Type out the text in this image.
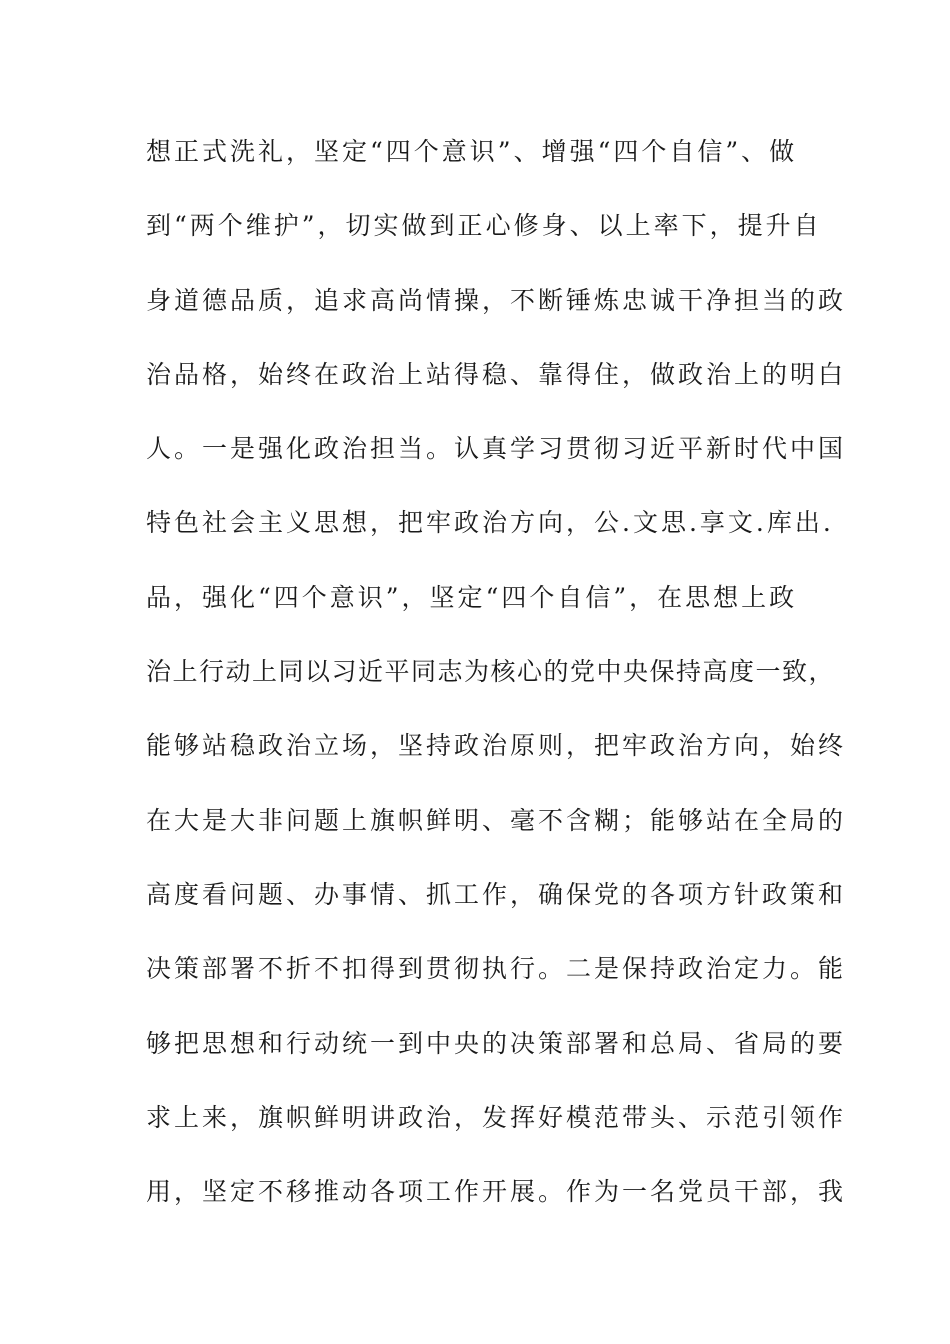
想正式洗礼，坚定“四个意识”、增强“四个自信”、做
到“两个维护”，切实做到正心修身、以上率下，提升自
身道德品质，追求高尚情操，不断锤炼忠诚干净担当的政
治品格，始终在政治上站得稳、靠得住，做政治上的明白
人。一是强化政治担当。认真学习贯彻习近平新时代中国
特色社会主义思想，把牢政治方向，公.文思.享文.库出.
品，强化“四个意识”，坚定“四个自信”，在思想上政
治上行动上同以习近平同志为核心的党中央保持高度一致，
能够站稳政治立场，坚持政治原则，把牢政治方向，始终
在大是大非问题上旗帜鲜明、毫不含糊；能够站在全局的
高度看问题、办事情、抓工作，确保党的各项方针政策和
决策部署不折不扣得到贯彻执行。二是保持政治定力。能
够把思想和行动统一到中央的决策部署和总局、省局的要
求上来，旗帜鲜明讲政治，发挥好模范带头、示范引领作
用，坚定不移推动各项工作开展。作为一名党员干部，我
